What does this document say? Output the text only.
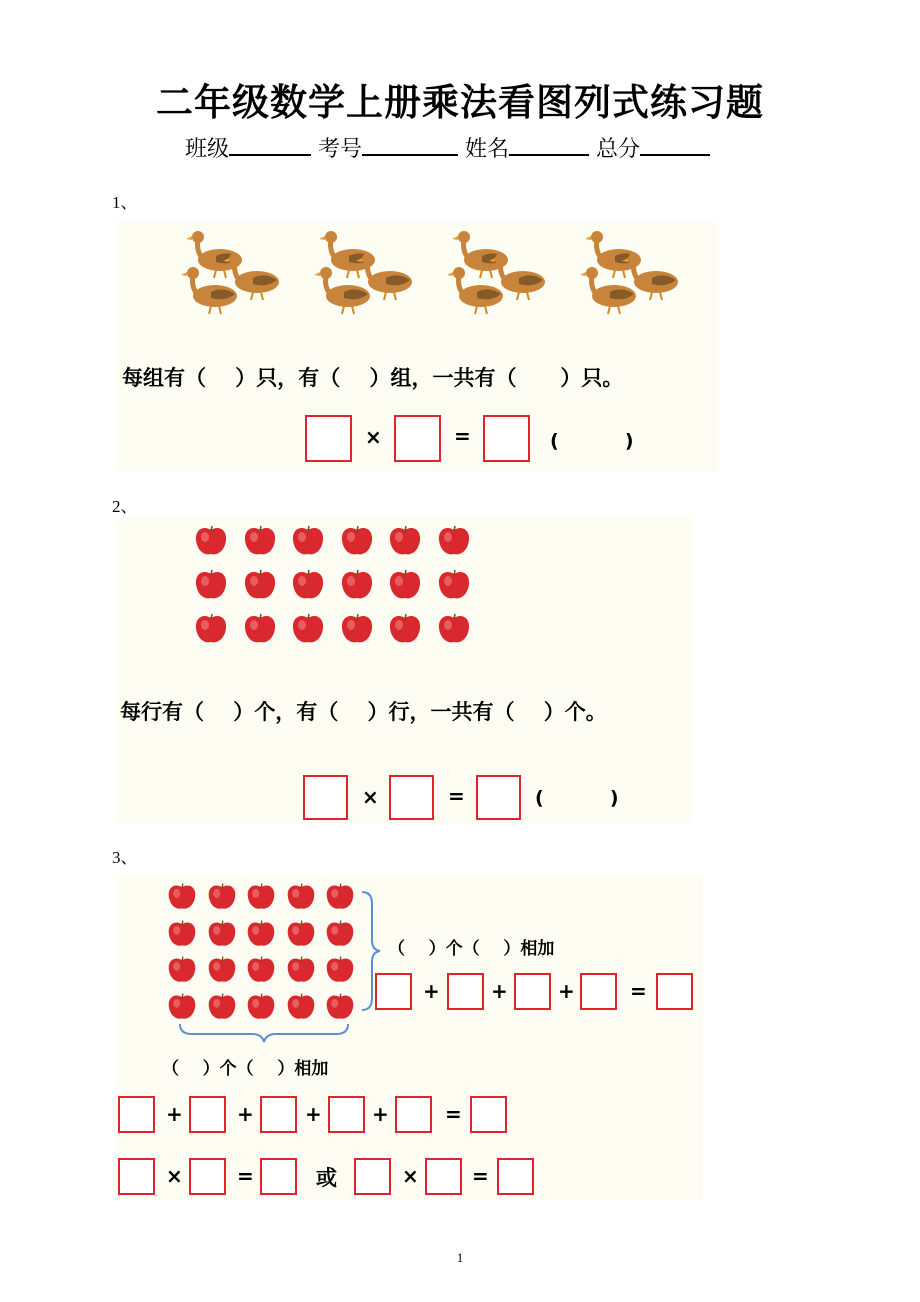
二年级数学上册乘法看图列式练习题
班级	考号	姓名	总分
1、
每组有（    ）只，有（    ）组，一共有（      ）只。
×	=	(          )
2、
每行有（    ）个，有（    ）行，一共有（    ）个。
×	=	(          )
3、
（    ）个（    ）相加
+	+	+	=
（    ）个（    ）相加
+	+	+	+	=
×	=	或	×	=
1
